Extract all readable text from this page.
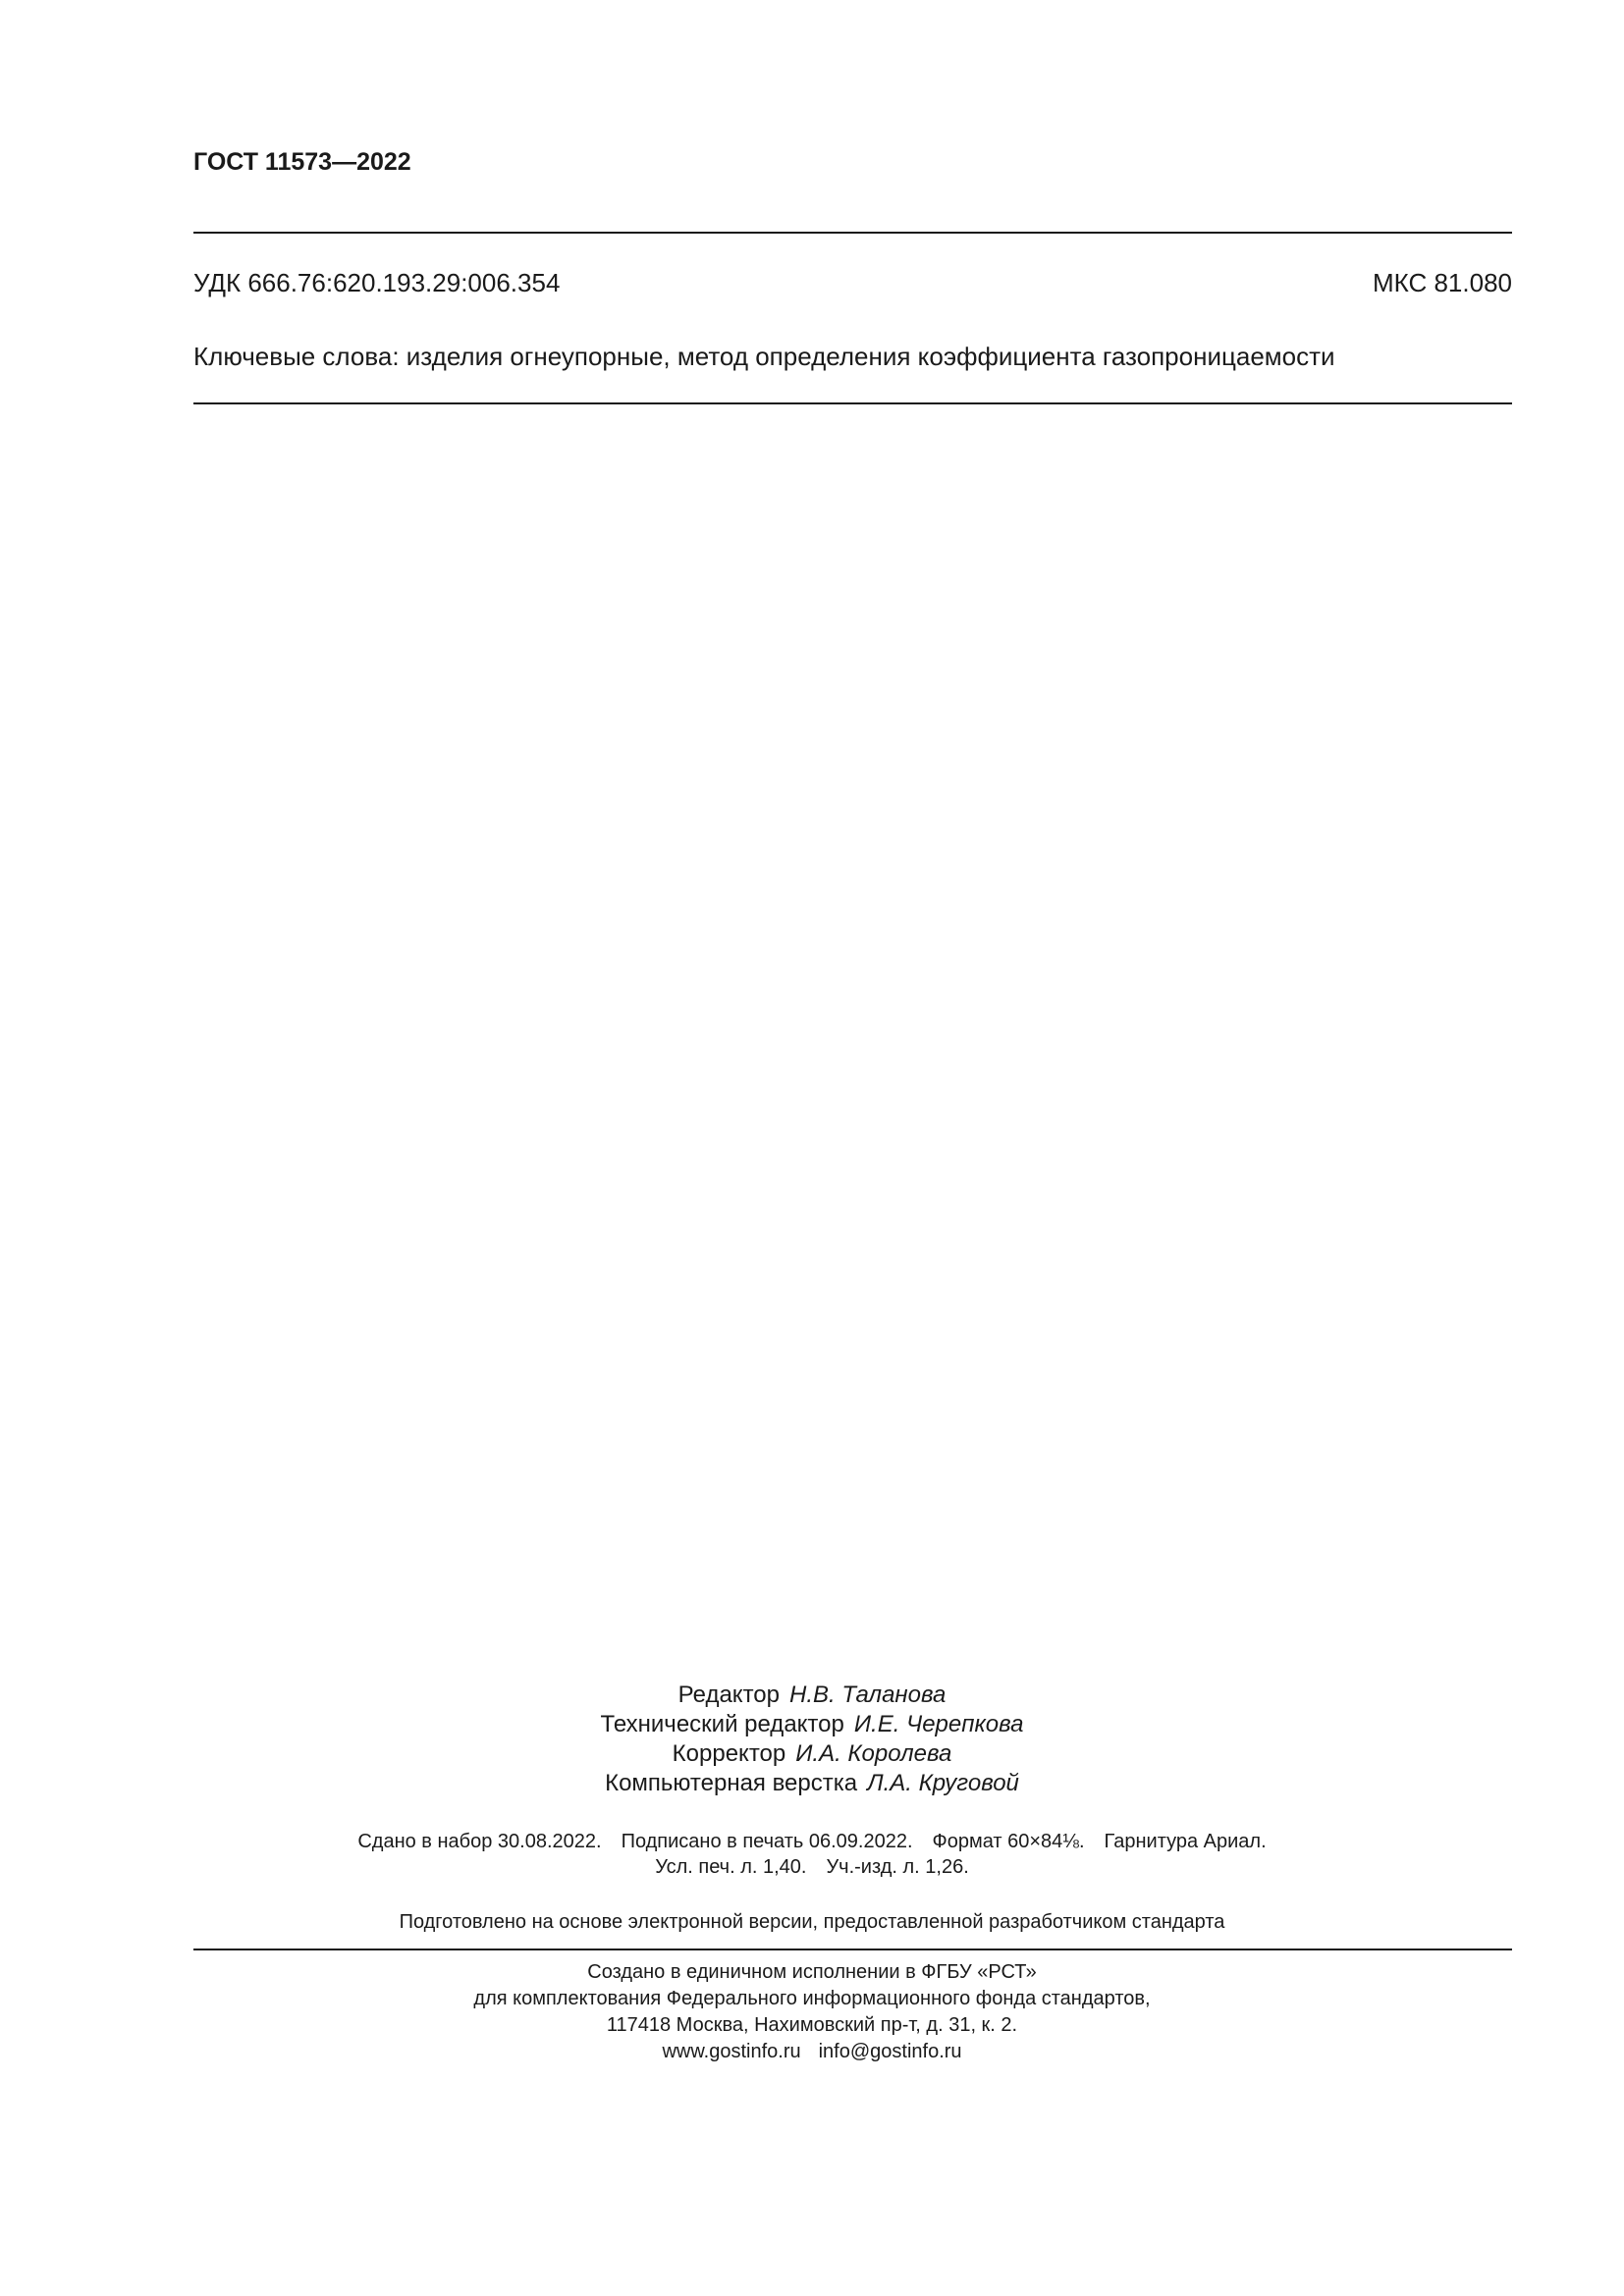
ГОСТ 11573—2022
УДК 666.76:620.193.29:006.354	МКС 81.080
Ключевые слова: изделия огнеупорные, метод определения коэффициента газопроницаемости
Редактор Н.В. Таланова
Технический редактор И.Е. Черепкова
Корректор И.А. Королева
Компьютерная верстка Л.А. Круговой
Сдано в набор 30.08.2022. Подписано в печать 06.09.2022. Формат 60×84⅛. Гарнитура Ариал.
Усл. печ. л. 1,40. Уч.-изд. л. 1,26.
Подготовлено на основе электронной версии, предоставленной разработчиком стандарта
Создано в единичном исполнении в ФГБУ «РСТ»
для комплектования Федерального информационного фонда стандартов,
117418 Москва, Нахимовский пр-т, д. 31, к. 2.
www.gostinfo.ru info@gostinfo.ru
